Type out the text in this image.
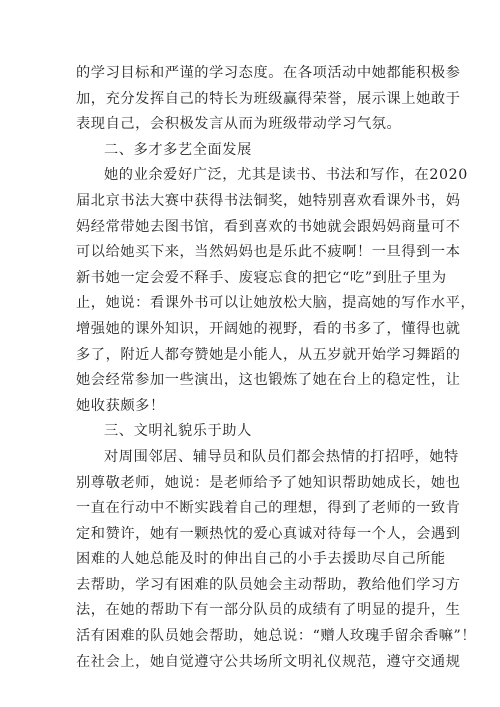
的学习目标和严谨的学习态度。在各项活动中她都能积极参
加，充分发挥自己的特长为班级赢得荣誉，展示课上她敢于
表现自己，会积极发言从而为班级带动学习气氛。
二、多才多艺全面发展
她的业余爱好广泛，尤其是读书、书法和写作，在2020
届北京书法大赛中获得书法铜奖，她特别喜欢看课外书，妈
妈经常带她去图书馆，看到喜欢的书她就会跟妈妈商量可不
可以给她买下来，当然妈妈也是乐此不疲啊！一旦得到一本
新书她一定会爱不释手、废寝忘食的把它“吃”到肚子里为
止，她说：看课外书可以让她放松大脑，提高她的写作水平，
增强她的课外知识，开阔她的视野，看的书多了，懂得也就
多了，附近人都夸赞她是小能人，从五岁就开始学习舞蹈的
她会经常参加一些演出，这也锻炼了她在台上的稳定性，让
她收获颇多！
三、文明礼貌乐于助人
对周围邻居、辅导员和队员们都会热情的打招呼，她特
别尊敬老师，她说：是老师给予了她知识帮助她成长，她也
一直在行动中不断实践着自己的理想，得到了老师的一致肯
定和赞许，她有一颗热忱的爱心真诚对待每一个人，会遇到
困难的人她总能及时的伸出自己的小手去援助尽自己所能
去帮助，学习有困难的队员她会主动帮助，教给他们学习方
法，在她的帮助下有一部分队员的成绩有了明显的提升，生
活有困难的队员她会帮助，她总说：“赠人玫瑰手留余香嘛”！
在社会上，她自觉遵守公共场所文明礼仪规范，遵守交通规
